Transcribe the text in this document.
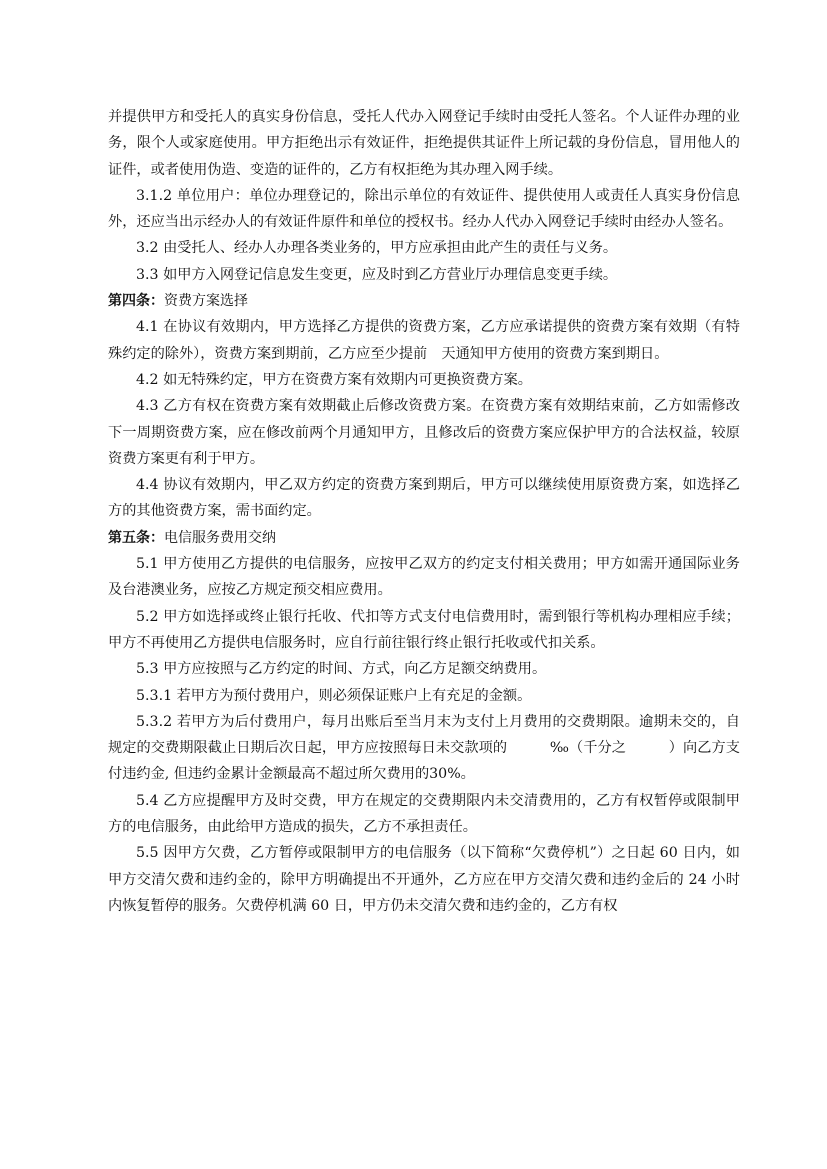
并提供甲方和受托人的真实身份信息，受托人代办入网登记手续时由受托人签名。个人证件办理的业务，限个人或家庭使用。甲方拒绝出示有效证件，拒绝提供其证件上所记载的身份信息，冒用他人的证件，或者使用伪造、变造的证件的，乙方有权拒绝为其办理入网手续。

3.1.2 单位用户：单位办理登记的，除出示单位的有效证件、提供使用人或责任人真实身份信息外，还应当出示经办人的有效证件原件和单位的授权书。经办人代办入网登记手续时由经办人签名。

3.2 由受托人、经办人办理各类业务的，甲方应承担由此产生的责任与义务。

3.3 如甲方入网登记信息发生变更，应及时到乙方营业厅办理信息变更手续。

第四条：资费方案选择

4.1 在协议有效期内，甲方选择乙方提供的资费方案，乙方应承诺提供的资费方案有效期（有特殊约定的除外），资费方案到期前，乙方应至少提前　天通知甲方使用的资费方案到期日。

4.2 如无特殊约定，甲方在资费方案有效期内可更换资费方案。

4.3 乙方有权在资费方案有效期截止后修改资费方案。在资费方案有效期结束前，乙方如需修改下一周期资费方案，应在修改前两个月通知甲方，且修改后的资费方案应保护甲方的合法权益，较原资费方案更有利于甲方。

4.4 协议有效期内，甲乙双方约定的资费方案到期后，甲方可以继续使用原资费方案，如选择乙方的其他资费方案，需书面约定。

第五条：电信服务费用交纳

5.1 甲方使用乙方提供的电信服务，应按甲乙双方的约定支付相关费用；甲方如需开通国际业务及台港澳业务，应按乙方规定预交相应费用。

5.2 甲方如选择或终止银行托收、代扣等方式支付电信费用时，需到银行等机构办理相应手续；甲方不再使用乙方提供电信服务时，应自行前往银行终止银行托收或代扣关系。

5.3 甲方应按照与乙方约定的时间、方式，向乙方足额交纳费用。

5.3.1 若甲方为预付费用户，则必须保证账户上有充足的金额。

5.3.2 若甲方为后付费用户，每月出账后至当月末为支付上月费用的交费期限。逾期未交的，自规定的交费期限截止日期后次日起，甲方应按照每日未交款项的　　　‰（千分之　　　）向乙方支付违约金, 但违约金累计金额最高不超过所欠费用的30%。

5.4 乙方应提醒甲方及时交费，甲方在规定的交费期限内未交清费用的，乙方有权暂停或限制甲方的电信服务，由此给甲方造成的损失，乙方不承担责任。

5.5 因甲方欠费，乙方暂停或限制甲方的电信服务（以下简称“欠费停机”）之日起 60 日内，如甲方交清欠费和违约金的，除甲方明确提出不开通外，乙方应在甲方交清欠费和违约金后的 24 小时内恢复暂停的服务。欠费停机满 60 日，甲方仍未交清欠费和违约金的，乙方有权
